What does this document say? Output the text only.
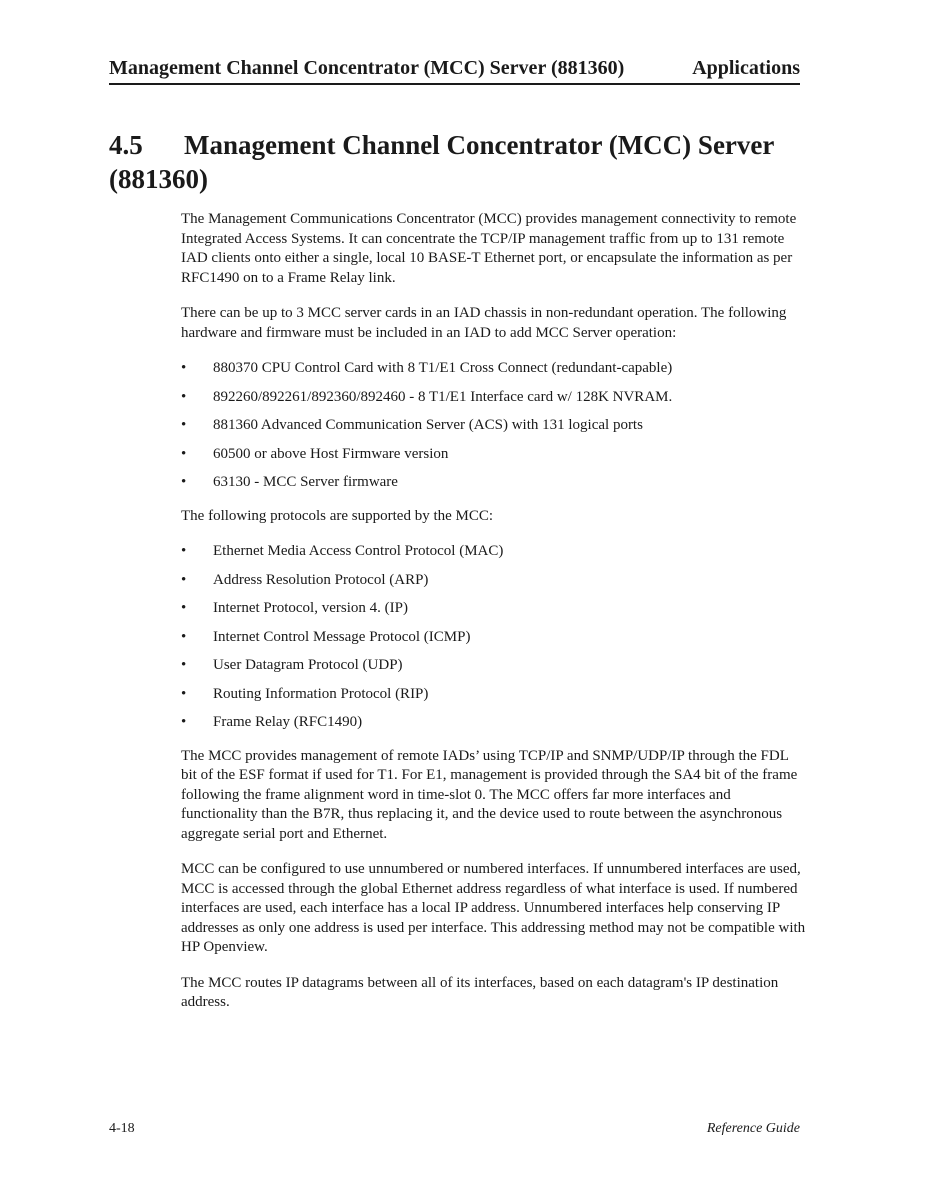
Management Channel Concentrator (MCC) Server (881360)	Applications
4.5 Management Channel Concentrator (MCC) Server (881360)

The Management Communications Concentrator (MCC) provides management connectivity to remote Integrated Access Systems. It can concentrate the TCP/IP management traffic from up to 131 remote IAD clients onto either a single, local 10 BASE-T Ethernet port, or encapsulate the information as per RFC1490 on to a Frame Relay link.

There can be up to 3 MCC server cards in an IAD chassis in non-redundant operation. The following hardware and firmware must be included in an IAD to add MCC Server operation:

• 880370 CPU Control Card with 8 T1/E1 Cross Connect (redundant-capable)
• 892260/892261/892360/892460 - 8 T1/E1 Interface card w/ 128K NVRAM.
• 881360 Advanced Communication Server (ACS) with 131 logical ports
• 60500 or above Host Firmware version
• 63130 - MCC Server firmware

The following protocols are supported by the MCC:

• Ethernet Media Access Control Protocol (MAC)
• Address Resolution Protocol (ARP)
• Internet Protocol, version 4. (IP)
• Internet Control Message Protocol (ICMP)
• User Datagram Protocol (UDP)
• Routing Information Protocol (RIP)
• Frame Relay (RFC1490)

The MCC provides management of remote IADs’ using TCP/IP and SNMP/UDP/IP through the FDL bit of the ESF format if used for T1. For E1, management is provided through the SA4 bit of the frame following the frame alignment word in time-slot 0. The MCC offers far more interfaces and functionality than the B7R, thus replacing it, and the device used to route between the asynchronous aggregate serial port and Ethernet.

MCC can be configured to use unnumbered or numbered interfaces. If unnumbered interfaces are used, MCC is accessed through the global Ethernet address regardless of what interface is used. If numbered interfaces are used, each interface has a local IP address. Unnumbered interfaces help conserving IP addresses as only one address is used per interface. This addressing method may not be compatible with HP Openview.

The MCC routes IP datagrams between all of its interfaces, based on each datagram's IP destination address.

4-18	Reference Guide
